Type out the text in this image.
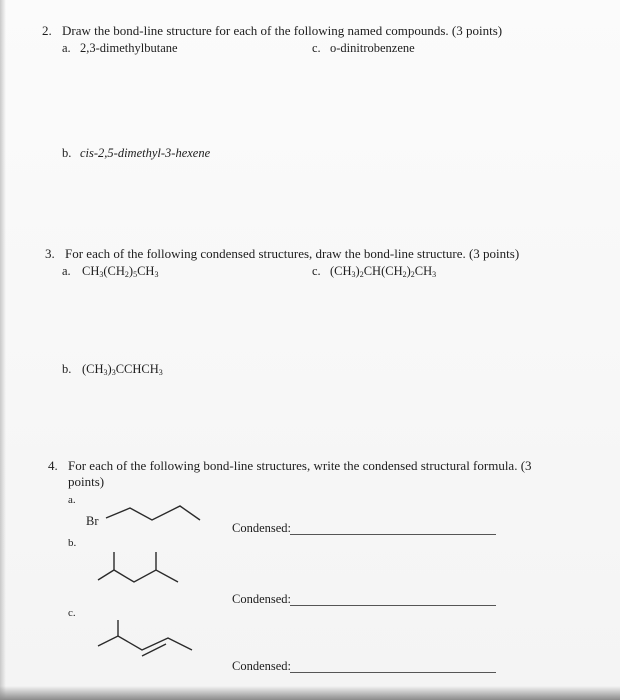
2. Draw the bond-line structure for each of the following named compounds. (3 points)
a. 2,3-dimethylbutane	c. o-dinitrobenzene
b. cis-2,5-dimethyl-3-hexene
3. For each of the following condensed structures, draw the bond-line structure. (3 points)
a. $CH_3(CH_2)_5CH_3$	c. $(CH_3)_2CH(CH_2)_2CH_3$
b. $(CH_3)_3CCHCH_3$
4. For each of the following bond-line structures, write the condensed structural formula. (3
points)
a.
Br	Condensed:
b.
Condensed:
c.
Condensed:
